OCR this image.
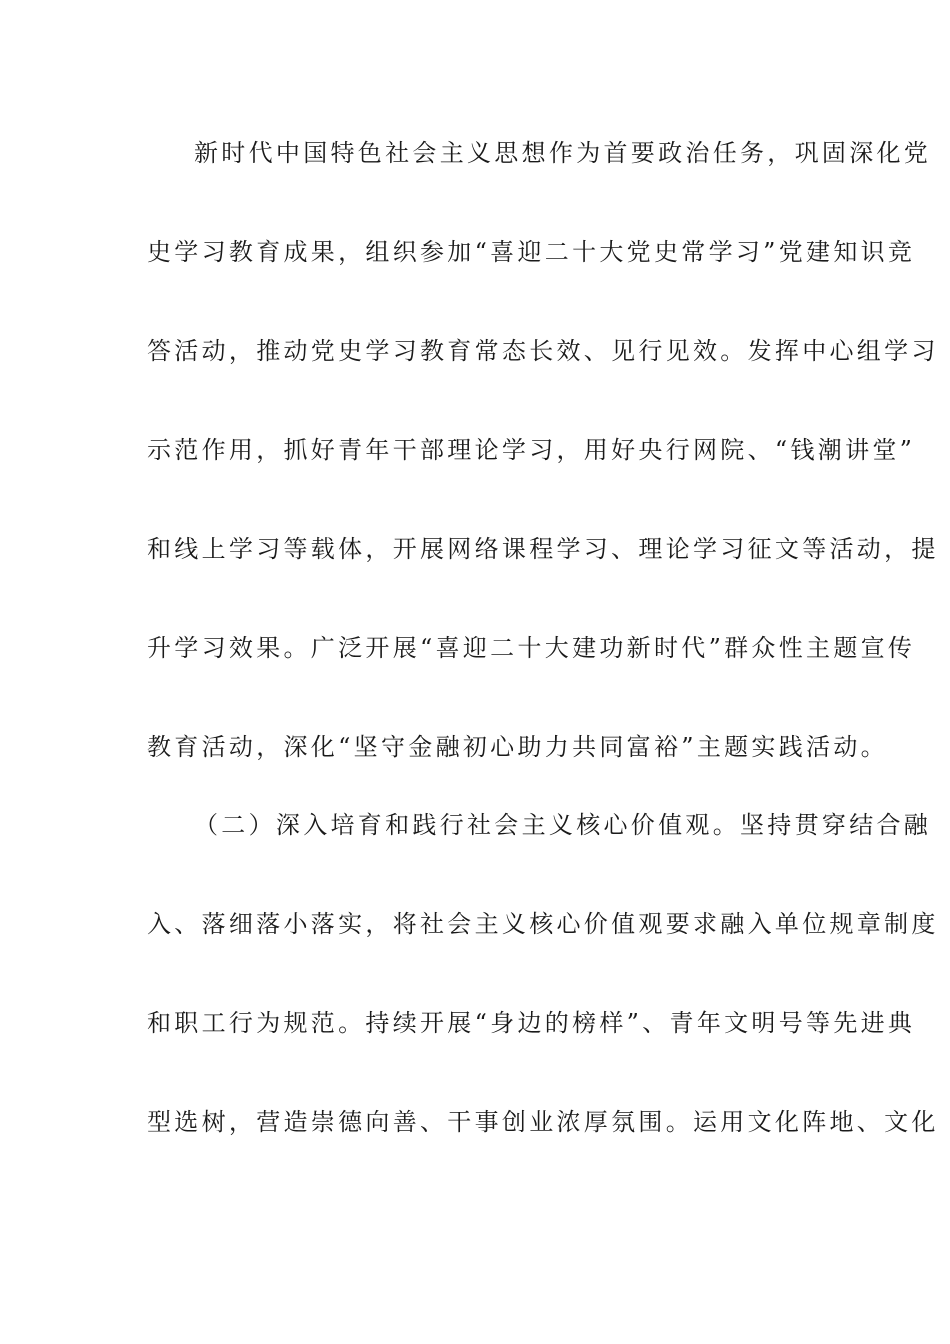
新时代中国特色社会主义思想作为首要政治任务，巩固深化党
史学习教育成果，组织参加“喜迎二十大党史常学习”党建知识竞
答活动，推动党史学习教育常态长效、见行见效。发挥中心组学习
示范作用，抓好青年干部理论学习，用好央行网院、“钱潮讲堂”
和线上学习等载体，开展网络课程学习、理论学习征文等活动，提
升学习效果。广泛开展“喜迎二十大建功新时代”群众性主题宣传
教育活动，深化“坚守金融初心助力共同富裕”主题实践活动。
（二）深入培育和践行社会主义核心价值观。坚持贯穿结合融
入、落细落小落实，将社会主义核心价值观要求融入单位规章制度
和职工行为规范。持续开展“身边的榜样”、青年文明号等先进典
型选树，营造崇德向善、干事创业浓厚氛围。运用文化阵地、文化
